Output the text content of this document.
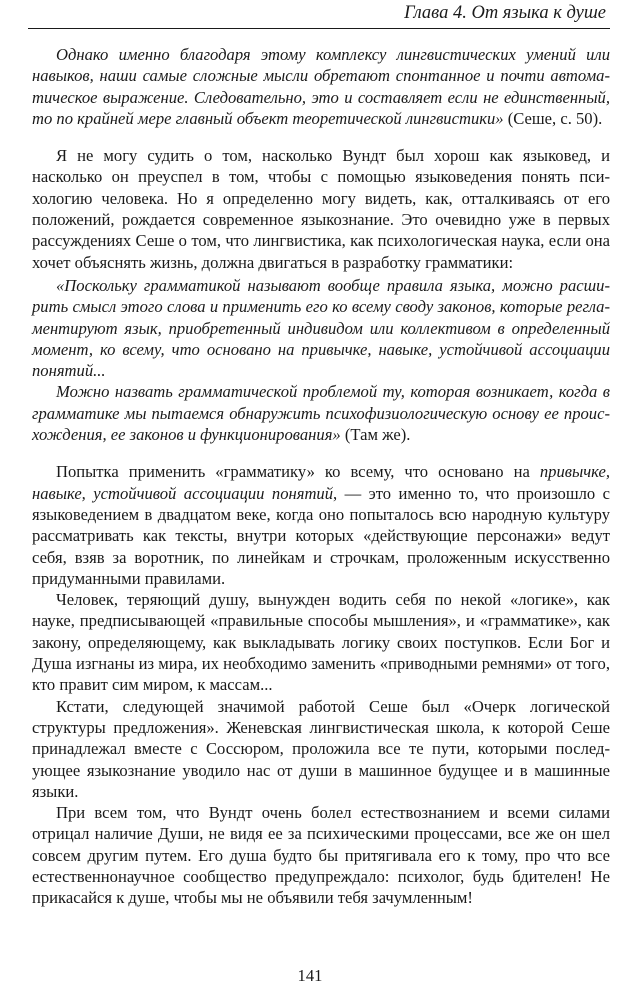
Глава 4. От языка к душе

Однако именно благодаря этому комплексу лингвистических умений или навыков, наши самые сложные мысли обретают спонтанное и почти автоматическое выражение. Следовательно, это и составляет если не единственный, то по крайней мере главный объект теоретической лингвистики» (Сеше, с. 50).

Я не могу судить о том, насколько Вундт был хорош как языковед, и насколько он преуспел в том, чтобы с помощью языковедения понять психологию человека. Но я определенно могу видеть, как, отталкиваясь от его положений, рождается современное языкознание. Это очевидно уже в первых рассуждениях Сеше о том, что лингвистика, как психологическая наука, если она хочет объяснять жизнь, должна двигаться в разработку грамматики:

«Поскольку грамматикой называют вообще правила языка, можно расширить смысл этого слова и применить его ко всему своду законов, которые регламентируют язык, приобретенный индивидом или коллективом в определенный момент, ко всему, что основано на привычке, навыке, устойчивой ассоциации понятий...

Можно назвать грамматической проблемой ту, которая возникает, когда в грамматике мы пытаемся обнаружить психофизиологическую основу ее происхождения, ее законов и функционирования» (Там же).

Попытка применить «грамматику» ко всему, что основано на привычке, навыке, устойчивой ассоциации понятий, — это именно то, что произошло с языковедением в двадцатом веке, когда оно попыталось всю народную культуру рассматривать как тексты, внутри которых «действующие персонажи» ведут себя, взяв за воротник, по линейкам и строчкам, проложенным искусственно придуманными правилами.

Человек, теряющий душу, вынужден водить себя по некой «логике», как науке, предписывающей «правильные способы мышления», и «грамматике», как закону, определяющему, как выкладывать логику своих поступков. Если Бог и Душа изгнаны из мира, их необходимо заменить «приводными ремнями» от того, кто правит сим миром, к массам...

Кстати, следующей значимой работой Сеше был «Очерк логической структуры предложения». Женевская лингвистическая школа, к которой Сеше принадлежал вместе с Соссюром, проложила все те пути, которыми последующее языкознание уводило нас от души в машинное будущее и в машинные языки.

При всем том, что Вундт очень болел естествознанием и всеми силами отрицал наличие Души, не видя ее за психическими процессами, все же он шел совсем другим путем. Его душа будто бы притягивала его к тому, про что все естественнонаучное сообщество предупреждало: психолог, будь бдителен! Не прикасайся к душе, чтобы мы не объявили тебя зачумленным!

141
